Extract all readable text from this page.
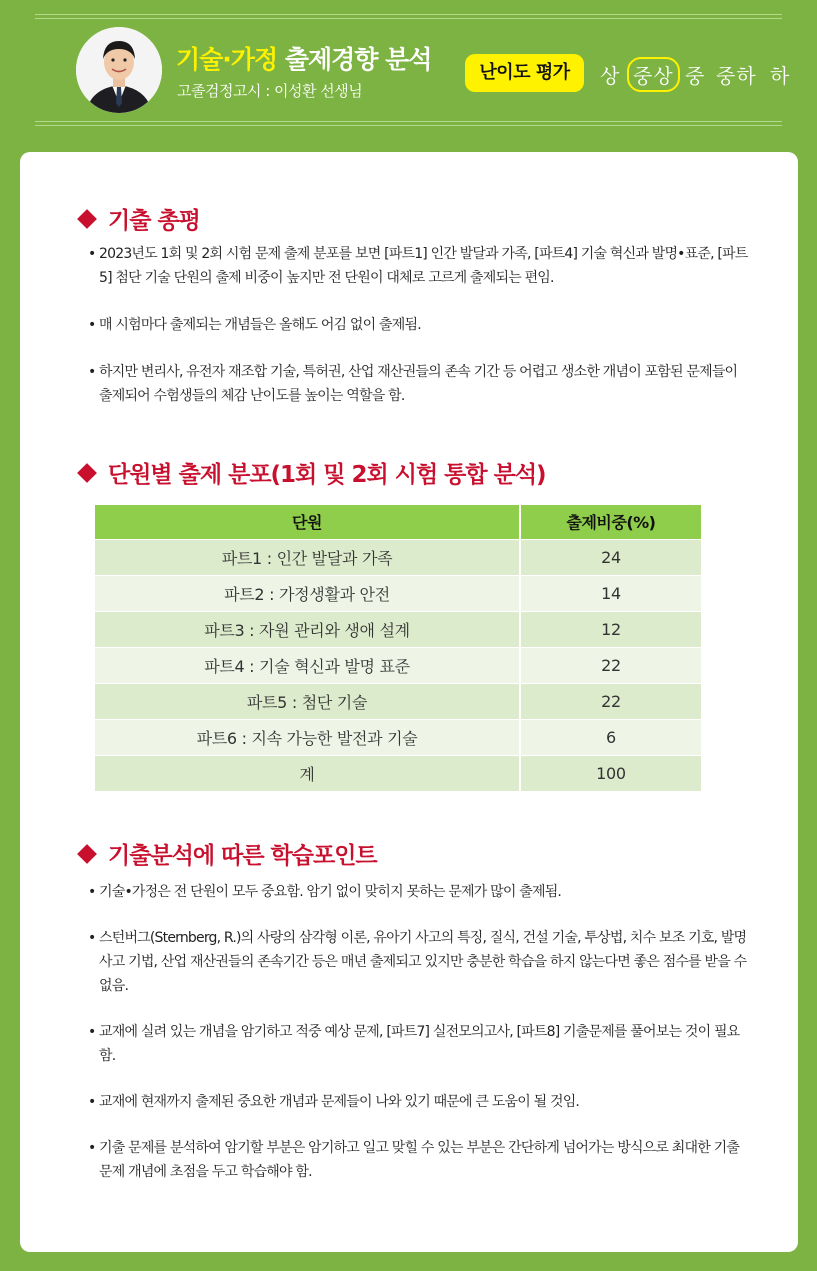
기술·가정 출제경향 분석
고졸검정고시 : 이성환 선생님
난이도 평가	상 중상 중 중하 하
기출 총평
• 2023년도 1회 및 2회 시험 문제 출제 분포를 보면 [파트1] 인간 발달과 가족, [파트4] 기술 혁신과 발명•표준, [파트5] 첨단 기술 단원의 출제 비중이 높지만 전 단원이 대체로 고르게 출제되는 편임.
• 매 시험마다 출제되는 개념들은 올해도 어김 없이 출제됨.
• 하지만 변리사, 유전자 재조합 기술, 특허권, 산업 재산권들의 존속 기간 등 어렵고 생소한 개념이 포함된 문제들이 출제되어 수험생들의 체감 난이도를 높이는 역할을 함.
단원별 출제 분포(1회 및 2회 시험 통합 분석)
단원	출제비중(%)
파트1 : 인간 발달과 가족	24
파트2 : 가정생활과 안전	14
파트3 : 자원 관리와 생애 설계	12
파트4 : 기술 혁신과 발명 표준	22
파트5 : 첨단 기술	22
파트6 : 지속 가능한 발전과 기술	6
계	100
기출분석에 따른 학습포인트
• 기술•가정은 전 단원이 모두 중요함. 암기 없이 맞히지 못하는 문제가 많이 출제됨.
• 스턴버그(Sternberg, R.)의 사랑의 삼각형 이론, 유아기 사고의 특징, 질식, 건설 기술, 투상법, 치수 보조 기호, 발명 사고 기법, 산업 재산권들의 존속기간 등은 매년 출제되고 있지만 충분한 학습을 하지 않는다면 좋은 점수를 받을 수 없음.
• 교재에 실려 있는 개념을 암기하고 적중 예상 문제, [파트7] 실전모의고사, [파트8] 기출문제를 풀어보는 것이 필요함.
• 교재에 현재까지 출제된 중요한 개념과 문제들이 나와 있기 때문에 큰 도움이 될 것임.
• 기출 문제를 분석하여 암기할 부분은 암기하고 일고 맞힐 수 있는 부분은 간단하게 넘어가는 방식으로 최대한 기출 문제 개념에 초점을 두고 학습해야 함.
